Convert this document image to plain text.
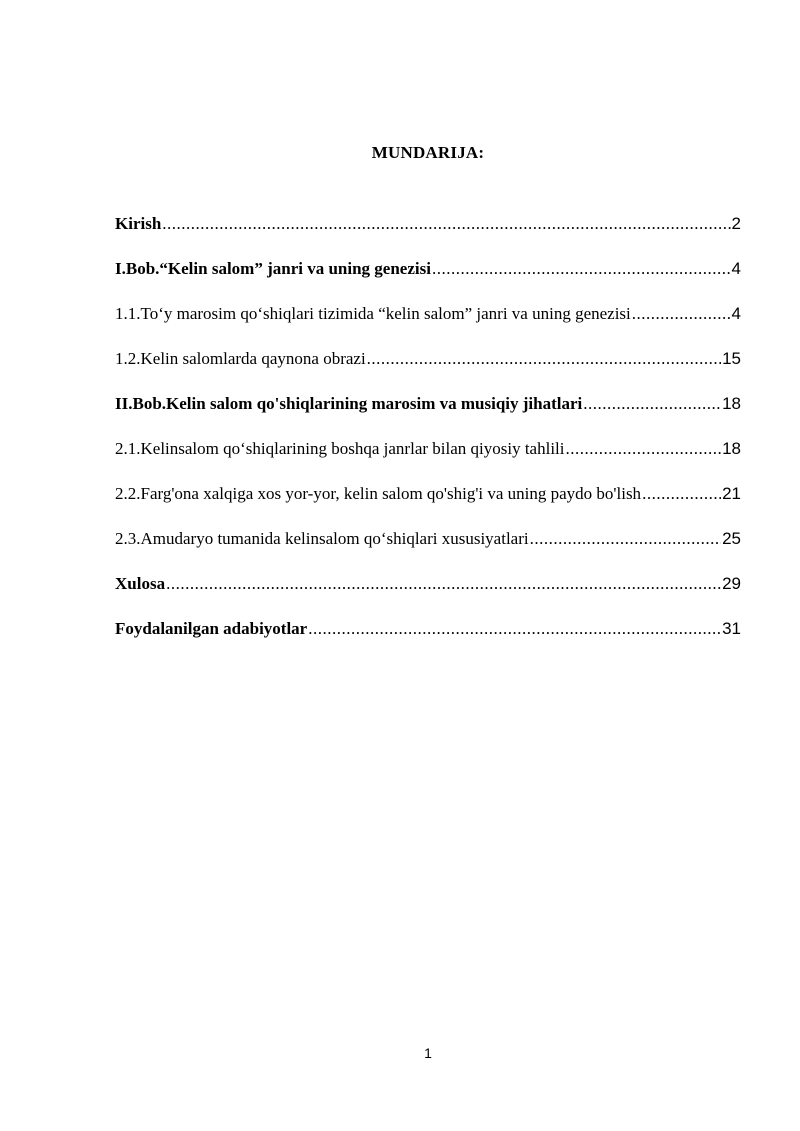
MUNDARIJA:
Kirish .....	2
I.Bob.“Kelin salom” janri va uning genezisi .....	4
1.1.To‘y marosim qo‘shiqlari tizimida “kelin salom” janri va uning genezisi .....	4
1.2.Kelin salomlarda qaynona obrazi .....	15
II.Bob.Kelin salom qo'shiqlarining marosim va musiqiy jihatlari .....	18
2.1.Kelinsalom qo‘shiqlarining boshqa janrlar bilan qiyosiy tahlili .....	18
2.2.Farg'ona xalqiga xos yor-yor, kelin salom qo'shig'i va uning paydo bo'lish .....	21
2.3.Amudaryo tumanida kelinsalom qo‘shiqlari xususiyatlari .....	25
Xulosa .....	29
Foydalanilgan adabiyotlar .....	31
1
